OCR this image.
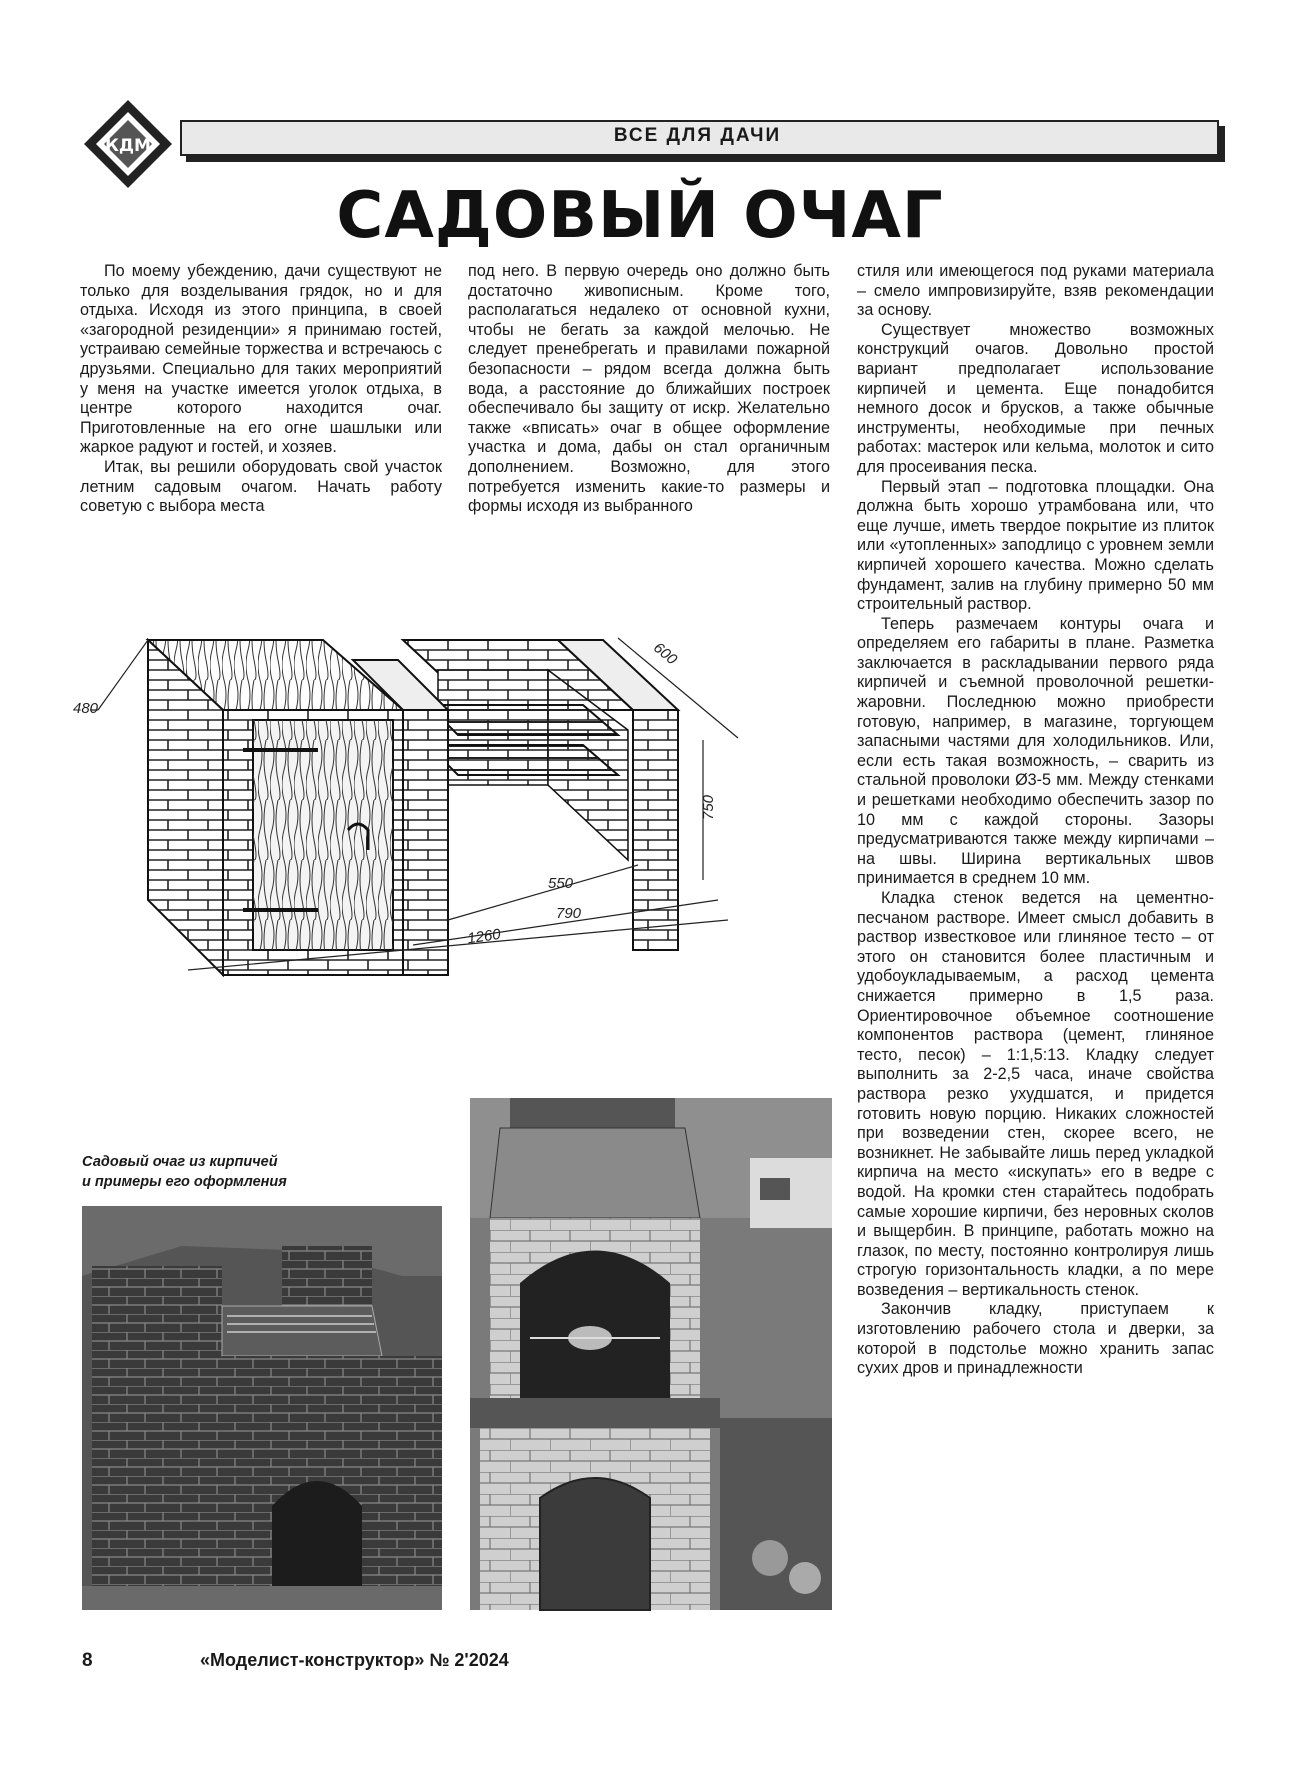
КДМ	ВСЕ ДЛЯ ДАЧИ
САДОВЫЙ ОЧАГ

По моему убеждению, дачи существуют не только для возделывания грядок, но и для отдыха. Исходя из этого принципа, в своей «загородной резиденции» я принимаю гостей, устраиваю семейные торжества и встречаюсь с друзьями. Специально для таких мероприятий у меня на участке имеется уголок отдыха, в центре которого находится очаг. Приготовленные на его огне шашлыки или жаркое радуют и гостей, и хозяев.

Итак, вы решили оборудовать свой участок летним садовым очагом. Начать работу советую с выбора места

под него. В первую очередь оно должно быть достаточно живописным. Кроме того, располагаться недалеко от основной кухни, чтобы не бегать за каждой мелочью. Не следует пренебрегать и правилами пожарной безопасности – рядом всегда должна быть вода, а расстояние до ближайших построек обеспечивало бы защиту от искр. Желательно также «вписать» очаг в общее оформление участка и дома, дабы он стал органичным дополнением. Возможно, для этого потребуется изменить какие-то размеры и формы исходя из выбранного

стиля или имеющегося под руками материала – смело импровизируйте, взяв рекомендации за основу.

Существует множество возможных конструкций очагов. Довольно простой вариант предполагает использование кирпичей и цемента. Еще понадобится немного досок и брусков, а также обычные инструменты, необходимые при печных работах: мастерок или кельма, молоток и сито для просеивания песка.

Первый этап – подготовка площадки. Она должна быть хорошо утрамбована или, что еще лучше, иметь твердое покрытие из плиток или «утопленных» заподлицо с уровнем земли кирпичей хорошего качества. Можно сделать фундамент, залив на глубину примерно 50 мм строительный раствор.

Теперь размечаем контуры очага и определяем его габариты в плане. Разметка заключается в раскладывании первого ряда кирпичей и съемной проволочной решетки-жаровни. Последнюю можно приобрести готовую, например, в магазине, торгующем запасными частями для холодильников. Или, если есть такая возможность, – сварить из стальной проволоки Ø3-5 мм. Между стенками и решетками необходимо обеспечить зазор по 10 мм с каждой стороны. Зазоры предусматриваются также между кирпичами – на швы. Ширина вертикальных швов принимается в среднем 10 мм.

Кладка стенок ведется на цементно-песчаном растворе. Имеет смысл добавить в раствор известковое или глиняное тесто – от этого он становится более пластичным и удобоукладываемым, а расход цемента снижается примерно в 1,5 раза. Ориентировочное объемное соотношение компонентов раствора (цемент, глиняное тесто, песок) – 1:1,5:13. Кладку следует выполнить за 2-2,5 часа, иначе свойства раствора резко ухудшатся, и придется готовить новую порцию. Никаких сложностей при возведении стен, скорее всего, не возникнет. Не забывайте лишь перед укладкой кирпича на место «искупать» его в ведре с водой. На кромки стен старайтесь подобрать самые хорошие кирпичи, без неровных сколов и выщербин. В принципе, работать можно на глазок, по месту, постоянно контролируя лишь строгую горизонтальность кладки, а по мере возведения – вертикальность стенок.

Закончив кладку, приступаем к изготовлению рабочего стола и дверки, за которой в подстолье можно хранить запас сухих дров и принадлежности

480
600
750
550
790
1260
Садовый очаг из кирпичей
и примеры его оформления
8	«Моделист-конструктор» № 2'2024
